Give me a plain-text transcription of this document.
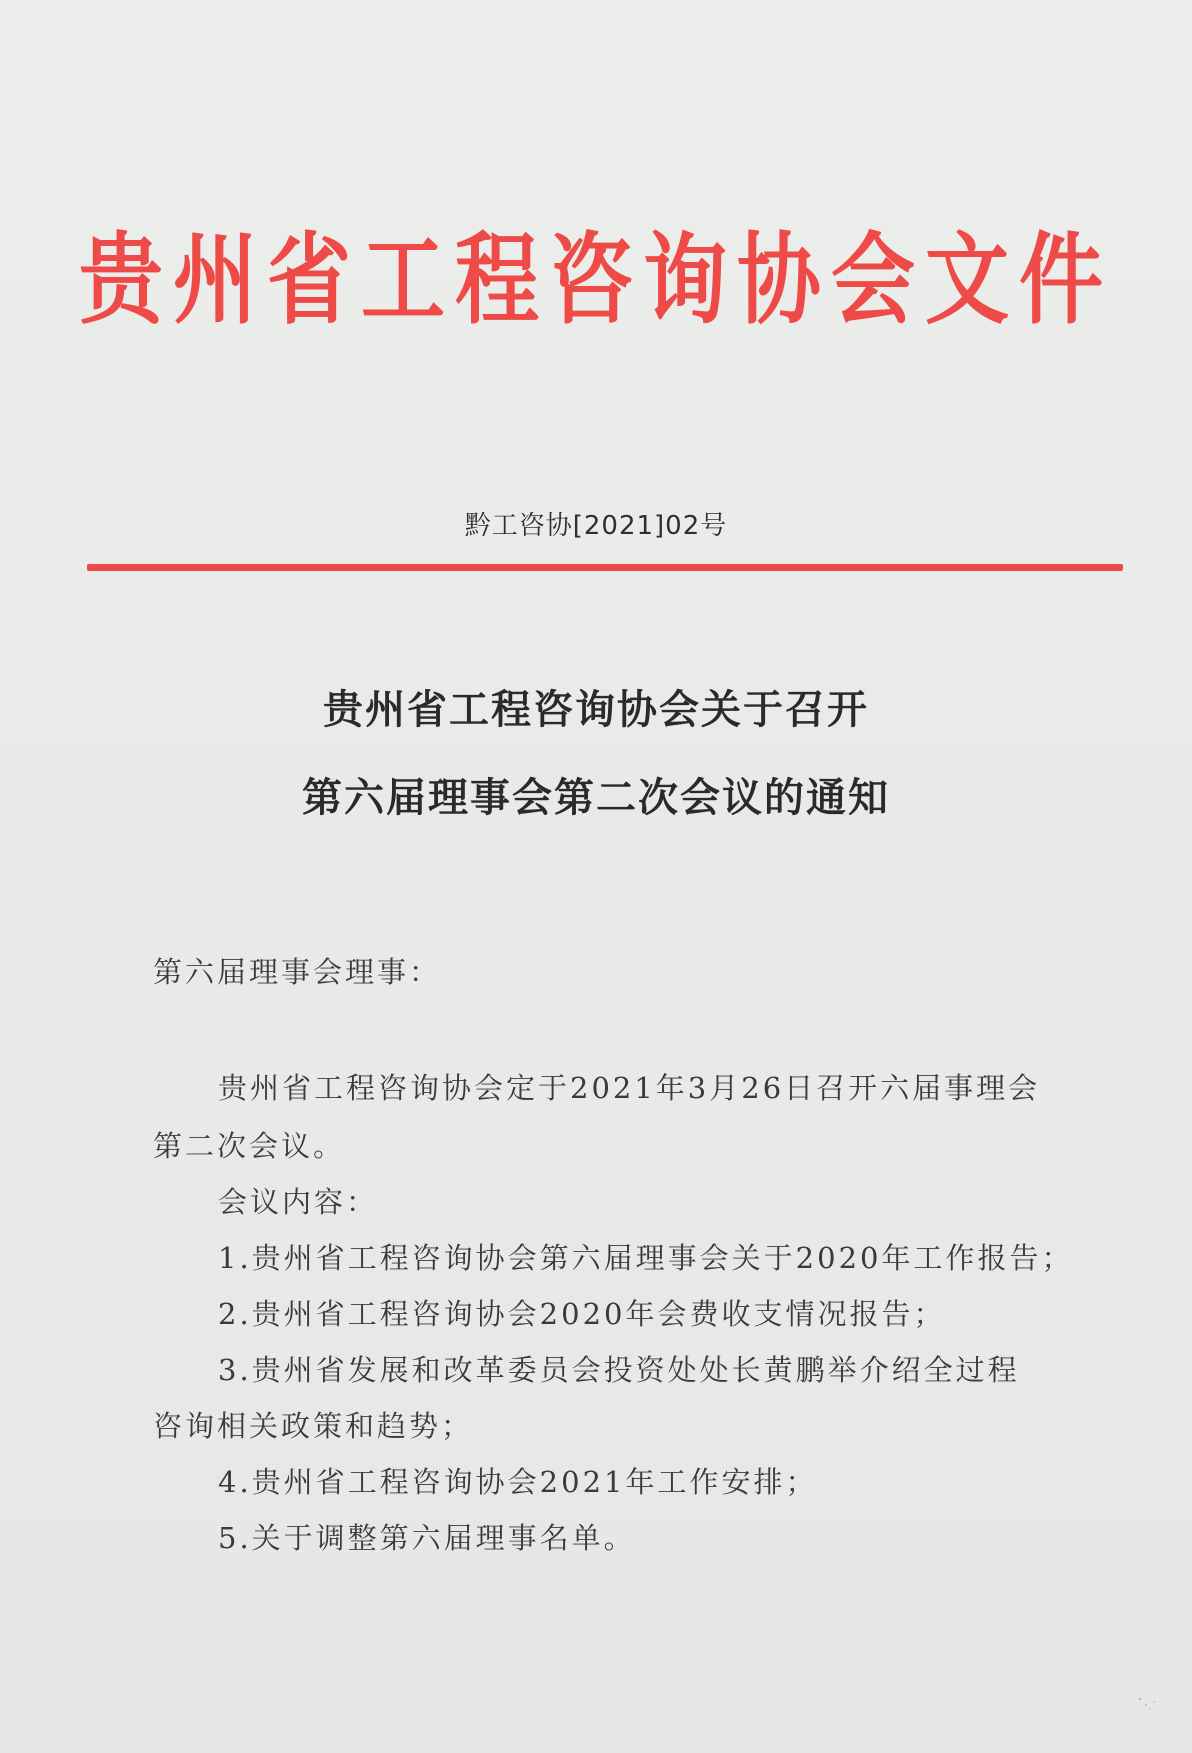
贵州省工程咨询协会文件
黔工咨协[2021]02号
贵州省工程咨询协会关于召开
第六届理事会第二次会议的通知
第六届理事会理事：
贵州省工程咨询协会定于2021年3月26日召开六届事理会
第二次会议。
会议内容：
1.贵州省工程咨询协会第六届理事会关于2020年工作报告；
2.贵州省工程咨询协会2020年会费收支情况报告；
3.贵州省发展和改革委员会投资处处长黄鹏举介绍全过程
咨询相关政策和趋势；
4.贵州省工程咨询协会2021年工作安排；
5.关于调整第六届理事名单。
